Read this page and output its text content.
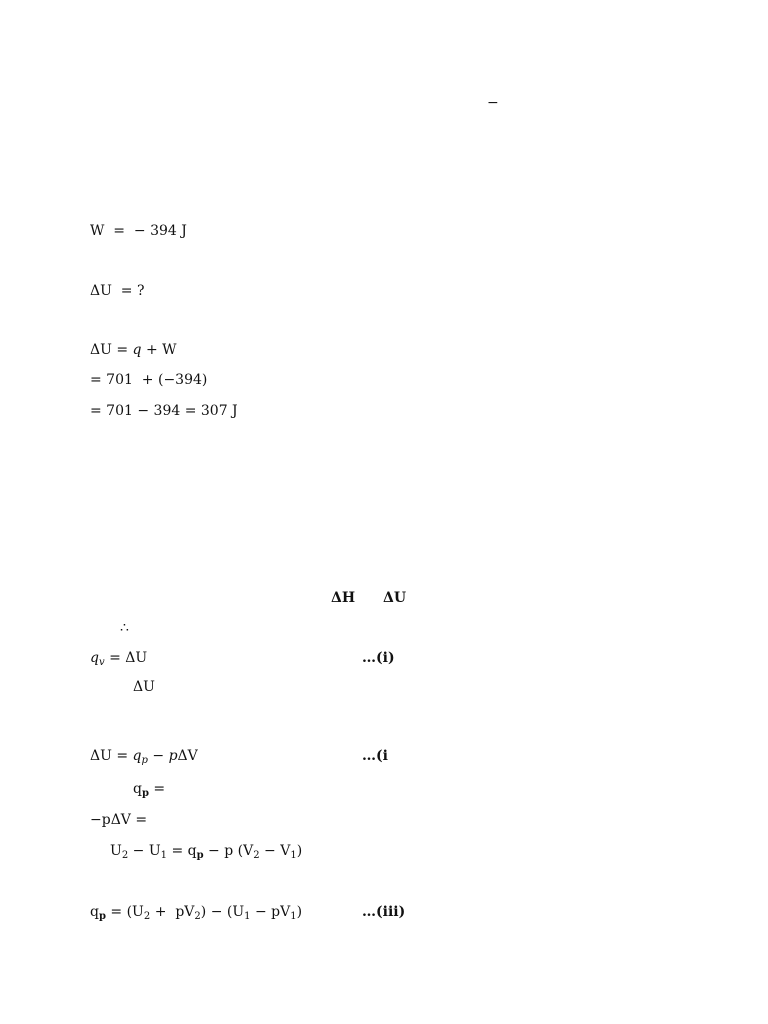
−
W  =  − 394 J
ΔU  = ?
ΔU = q + W
= 701  + (−394)
= 701 − 394 = 307 J
ΔH ΔU
∴
$q_v = \Delta U$	…(i)
ΔU
$\Delta U = q_p - p\Delta V$	…(i
$q_p$ =
−pΔV =
$U_2 - U_1 = q_p - p$ $(V_2 - V_1)$
$q_p = (U_2 + pV_2) - (U_1 - pV_1)$	…(iii)
